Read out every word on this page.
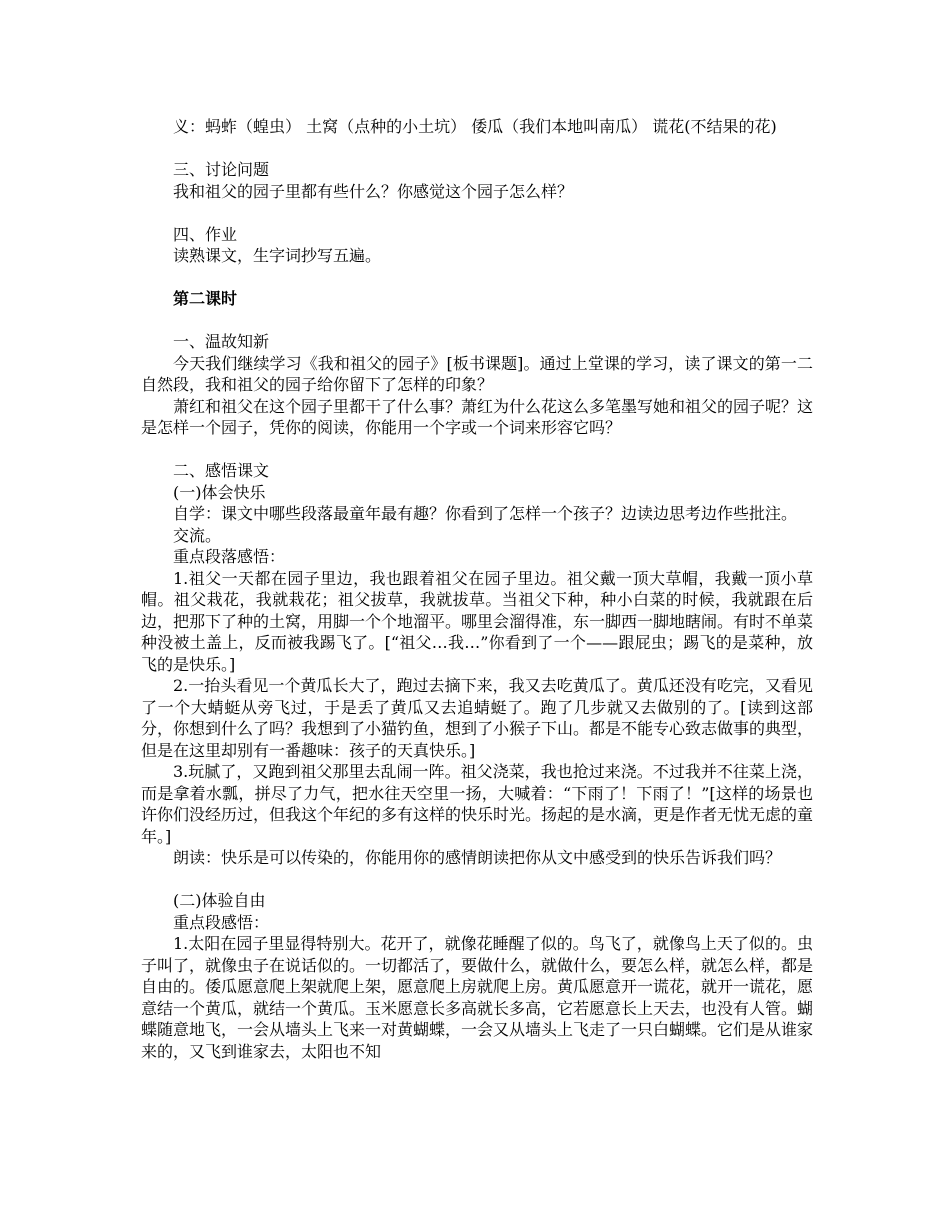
义：蚂蚱（蝗虫） 土窝（点种的小土坑） 倭瓜（我们本地叫南瓜） 谎花(不结果的花)

三、讨论问题

我和祖父的园子里都有些什么？你感觉这个园子怎么样？

四、作业

读熟课文，生字词抄写五遍。

第二课时

一、温故知新

今天我们继续学习《我和祖父的园子》[板书课题]。通过上堂课的学习，读了课文的第一二自然段，我和祖父的园子给你留下了怎样的印象？

萧红和祖父在这个园子里都干了什么事？萧红为什么花这么多笔墨写她和祖父的园子呢？这是怎样一个园子，凭你的阅读，你能用一个字或一个词来形容它吗？

二、感悟课文

(一)体会快乐

自学：课文中哪些段落最童年最有趣？你看到了怎样一个孩子？边读边思考边作些批注。

交流。

重点段落感悟：

1.祖父一天都在园子里边，我也跟着祖父在园子里边。祖父戴一顶大草帽，我戴一顶小草帽。祖父栽花，我就栽花；祖父拔草，我就拔草。当祖父下种，种小白菜的时候，我就跟在后边，把那下了种的土窝，用脚一个个地溜平。哪里会溜得准，东一脚西一脚地瞎闹。有时不单菜种没被土盖上，反而被我踢飞了。[“祖父…我…”你看到了一个——跟屁虫；踢飞的是菜种，放飞的是快乐。]

2.一抬头看见一个黄瓜长大了，跑过去摘下来，我又去吃黄瓜了。黄瓜还没有吃完，又看见了一个大蜻蜓从旁飞过，于是丢了黄瓜又去追蜻蜓了。跑了几步就又去做别的了。[读到这部分，你想到什么了吗？我想到了小猫钓鱼，想到了小猴子下山。都是不能专心致志做事的典型，但是在这里却别有一番趣味：孩子的天真快乐。]

3.玩腻了，又跑到祖父那里去乱闹一阵。祖父浇菜，我也抢过来浇。不过我并不往菜上浇，而是拿着水瓢，拼尽了力气，把水往天空里一扬，大喊着：“下雨了！下雨了！”[这样的场景也许你们没经历过，但我这个年纪的多有这样的快乐时光。扬起的是水滴，更是作者无忧无虑的童年。]

朗读：快乐是可以传染的，你能用你的感情朗读把你从文中感受到的快乐告诉我们吗？

(二)体验自由

重点段感悟：

1.太阳在园子里显得特别大。花开了，就像花睡醒了似的。鸟飞了，就像鸟上天了似的。虫子叫了，就像虫子在说话似的。一切都活了，要做什么，就做什么，要怎么样，就怎么样，都是自由的。倭瓜愿意爬上架就爬上架，愿意爬上房就爬上房。黄瓜愿意开一谎花，就开一谎花，愿意结一个黄瓜，就结一个黄瓜。玉米愿意长多高就长多高，它若愿意长上天去，也没有人管。蝴蝶随意地飞，一会从墙头上飞来一对黄蝴蝶，一会又从墙头上飞走了一只白蝴蝶。它们是从谁家来的，又飞到谁家去，太阳也不知
